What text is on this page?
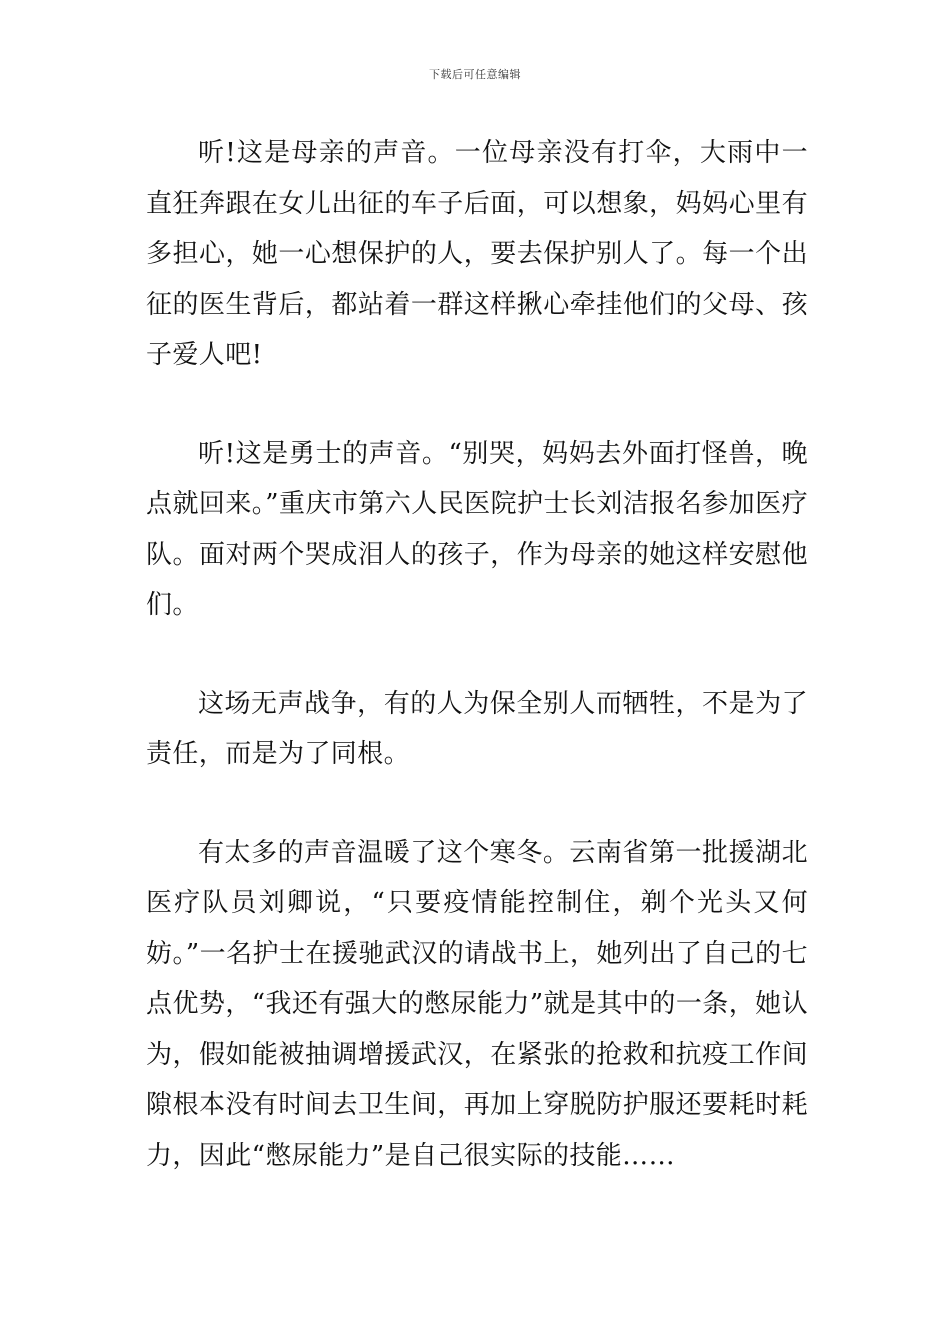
下载后可任意编辑

听!这是母亲的声音。一位母亲没有打伞，大雨中一直狂奔跟在女儿出征的车子后面，可以想象，妈妈心里有多担心，她一心想保护的人，要去保护别人了。每一个出征的医生背后，都站着一群这样揪心牵挂他们的父母、孩子爱人吧!

听!这是勇士的声音。“别哭，妈妈去外面打怪兽，晚点就回来。”重庆市第六人民医院护士长刘洁报名参加医疗队。面对两个哭成泪人的孩子，作为母亲的她这样安慰他们。

这场无声战争，有的人为保全别人而牺牲，不是为了责任，而是为了同根。

有太多的声音温暖了这个寒冬。云南省第一批援湖北医疗队员刘卿说，“只要疫情能控制住，剃个光头又何妨。”一名护士在援驰武汉的请战书上，她列出了自己的七点优势，“我还有强大的憋尿能力”就是其中的一条，她认为，假如能被抽调增援武汉，在紧张的抢救和抗疫工作间隙根本没有时间去卫生间，再加上穿脱防护服还要耗时耗力，因此“憋尿能力”是自己很实际的技能……
